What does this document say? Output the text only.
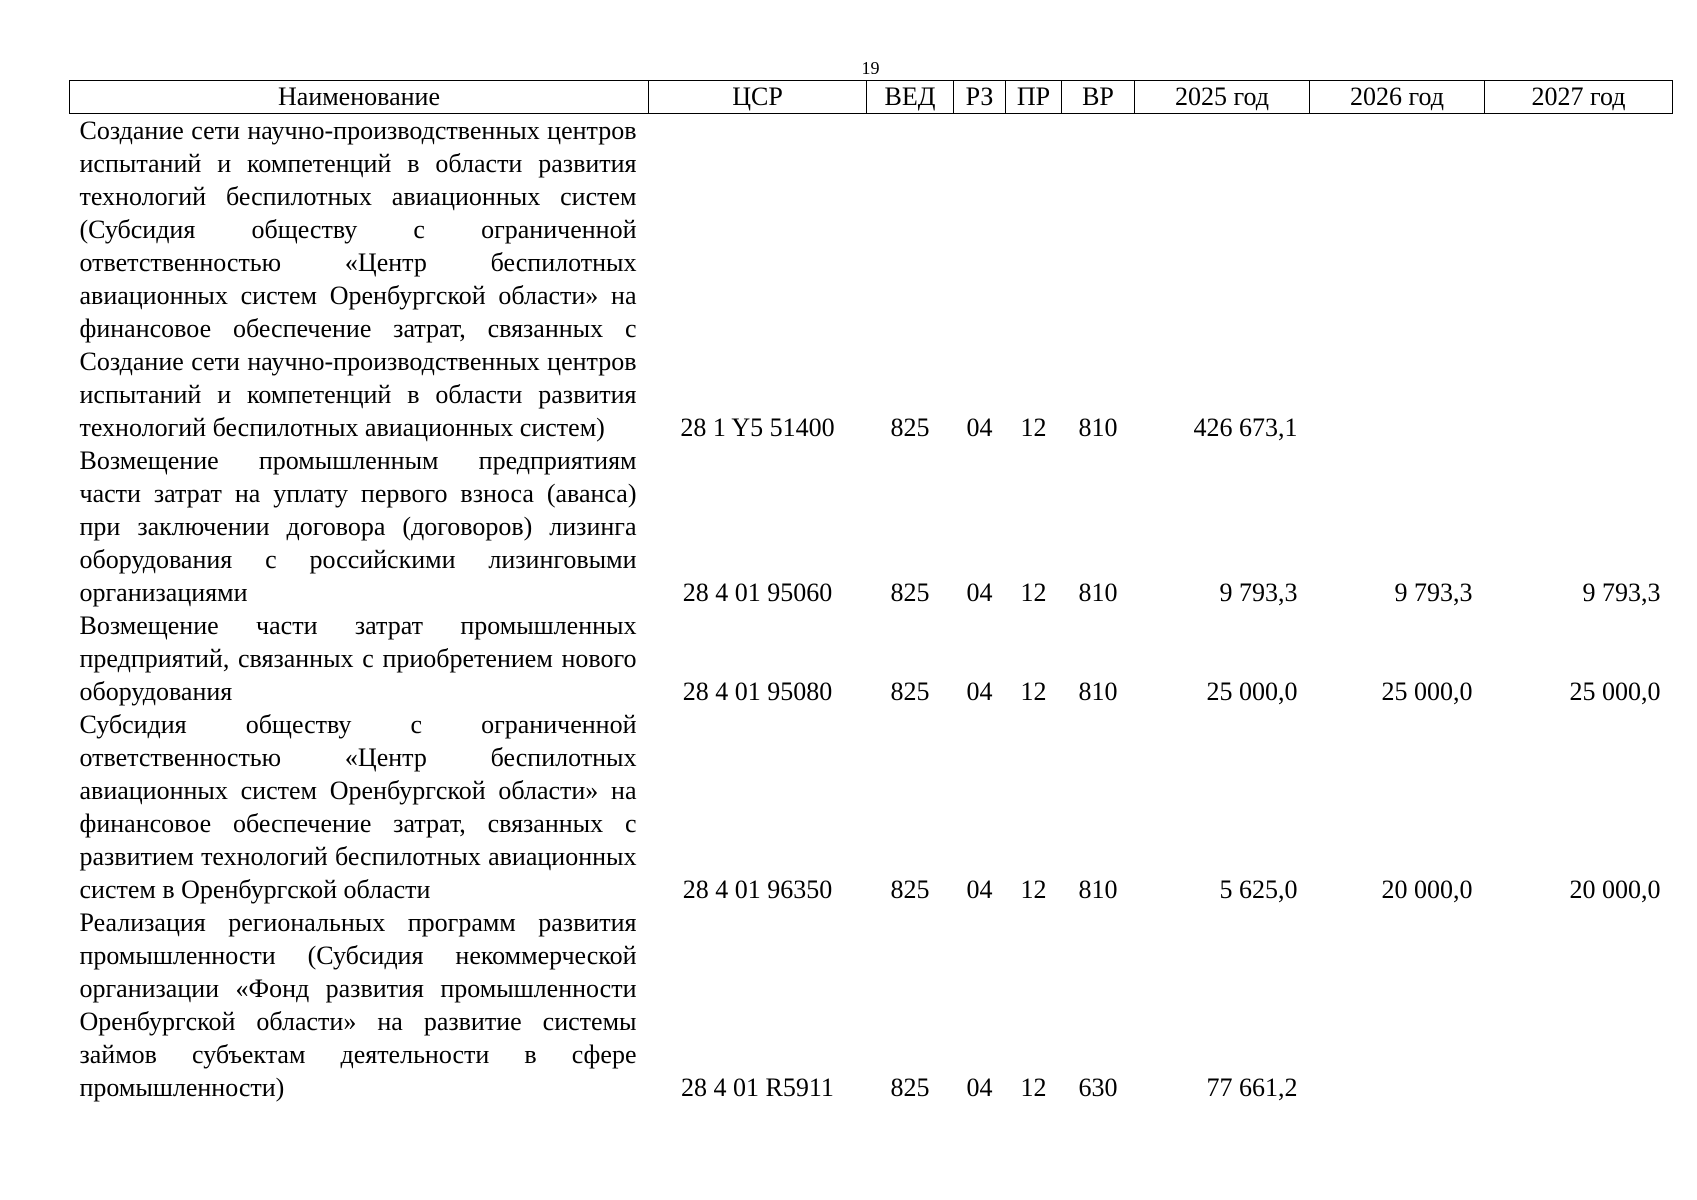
19
Наименование	ЦСР	ВЕД	РЗ	ПР	ВР	2025 год	2026 год	2027 год
Создание сети научно-производственных центров испытаний и компетенций в области развития технологий беспилотных авиационных систем (Субсидия обществу с ограниченной ответственностью «Центр беспилотных авиационных систем Оренбургской области» на финансовое обеспечение затрат, связанных с Создание сети научно-производственных центров испытаний и компетенций в области развития технологий беспилотных авиационных систем)	28 1 Y5 51400	825	04	12	810	426 673,1		
Возмещение промышленным предприятиям части затрат на уплату первого взноса (аванса) при заключении договора (договоров) лизинга оборудования с российскими лизинговыми организациями	28 4 01 95060	825	04	12	810	9 793,3	9 793,3	9 793,3
Возмещение части затрат промышленных предприятий, связанных с приобретением нового оборудования	28 4 01 95080	825	04	12	810	25 000,0	25 000,0	25 000,0
Субсидия обществу с ограниченной ответственностью «Центр беспилотных авиационных систем Оренбургской области» на финансовое обеспечение затрат, связанных с развитием технологий беспилотных авиационных систем в Оренбургской области	28 4 01 96350	825	04	12	810	5 625,0	20 000,0	20 000,0
Реализация региональных программ развития промышленности (Субсидия некоммерческой организации «Фонд развития промышленности Оренбургской области» на развитие системы займов субъектам деятельности в сфере промышленности)	28 4 01 R5911	825	04	12	630	77 661,2		
